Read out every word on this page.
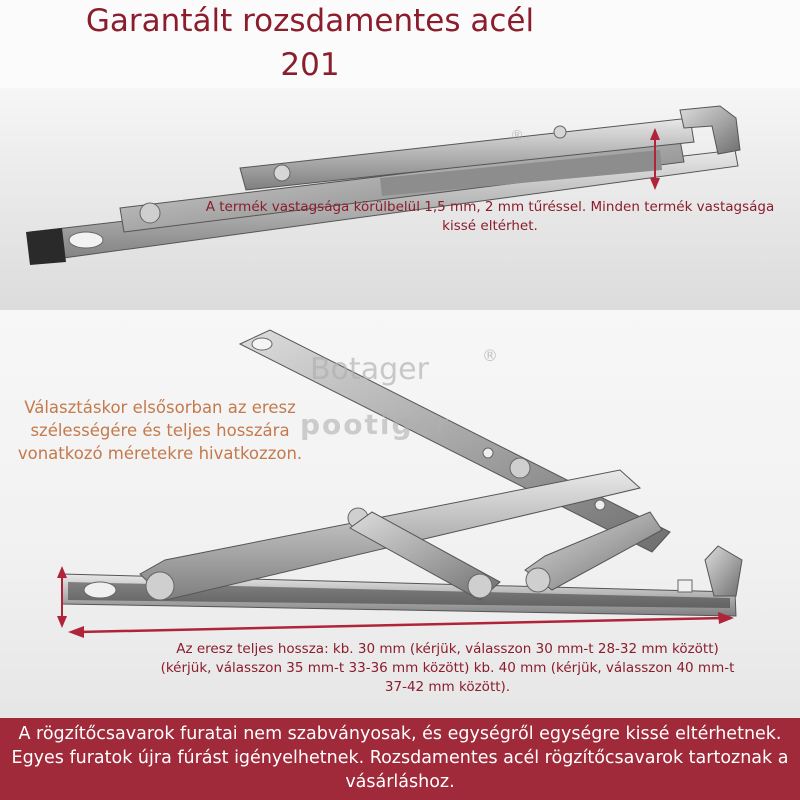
Garantált rozsdamentes acél
201
®
Botager	®
pootiger
A termék vastagsága körülbelül 1,5 mm, 2 mm tűréssel. Minden termék vastagsága kissé eltérhet.
Választáskor elsősorban az eresz szélességére és teljes hosszára vonatkozó méretekre hivatkozzon.
Az eresz teljes hossza: kb. 30 mm (kérjük, válasszon 30 mm-t 28-32 mm között) (kérjük, válasszon 35 mm-t 33-36 mm között) kb. 40 mm (kérjük, válasszon 40 mm-t 37-42 mm között).
A rögzítőcsavarok furatai nem szabványosak, és egységről egységre kissé eltérhetnek. Egyes furatok újra fúrást igényelhetnek. Rozsdamentes acél rögzítőcsavarok tartoznak a vásárláshoz.
